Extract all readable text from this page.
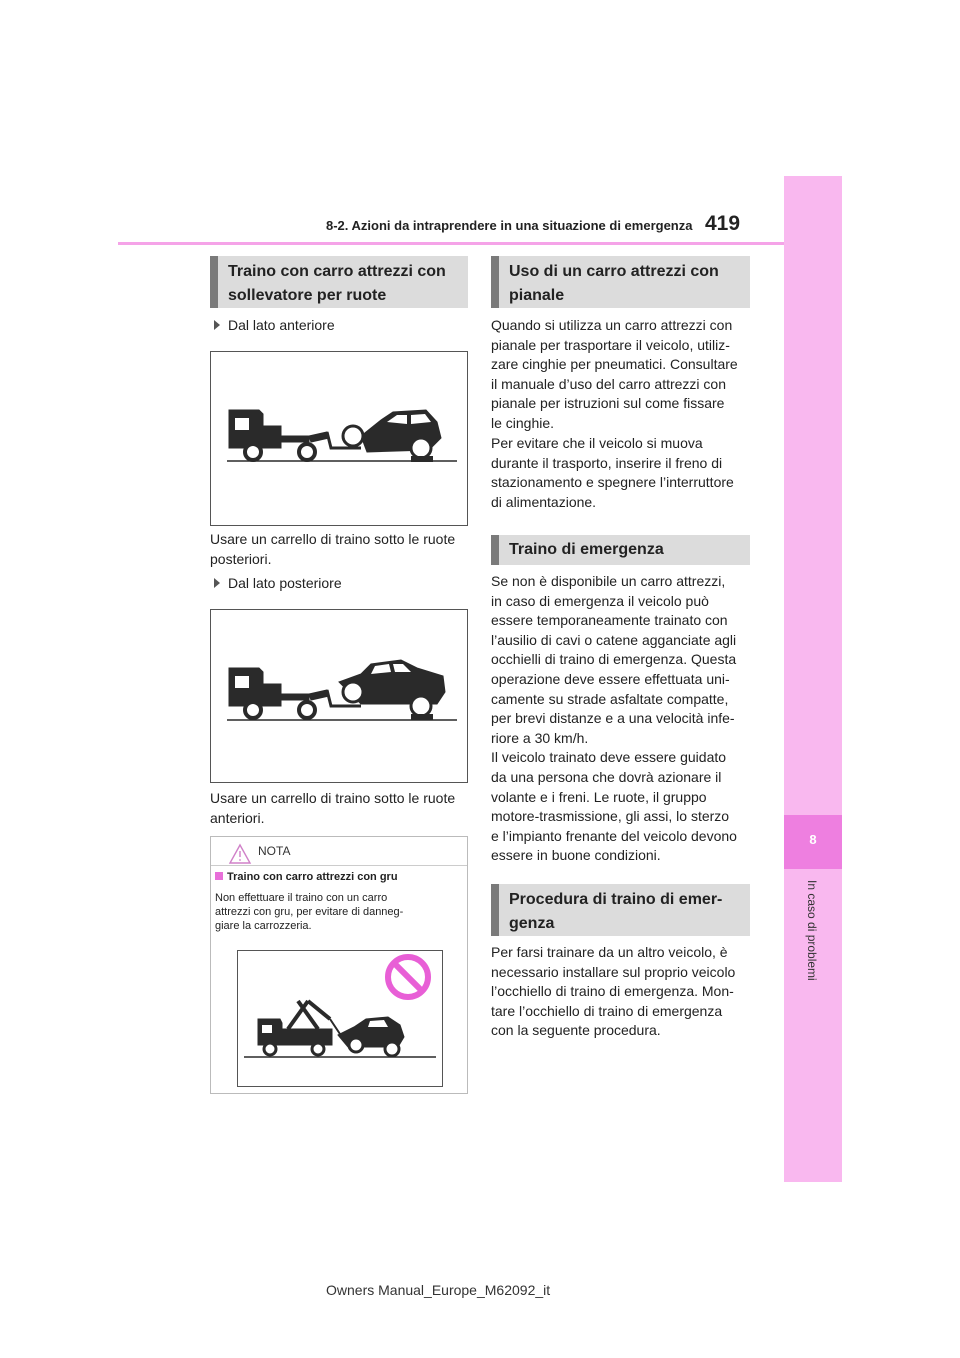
8-2. Azioni da intraprendere in una situazione di emergenza 419
8
In caso di problemi
Traino con carro attrezzi con
sollevatore per ruote
Dal lato anteriore
Usare un carrello di traino sotto le ruote
posteriori.
Dal lato posteriore
Usare un carrello di traino sotto le ruote
anteriori.
NOTA
Traino con carro attrezzi con gru
Non effettuare il traino con un carro
attrezzi con gru, per evitare di danneg-
giare la carrozzeria.
Uso di un carro attrezzi con
pianale
Quando si utilizza un carro attrezzi con
pianale per trasportare il veicolo, utiliz-
zare cinghie per pneumatici. Consultare
il manuale d’uso del carro attrezzi con
pianale per istruzioni sul come fissare
le cinghie.
Per evitare che il veicolo si muova
durante il trasporto, inserire il freno di
stazionamento e spegnere l’interruttore
di alimentazione.
Traino di emergenza
Se non è disponibile un carro attrezzi,
in caso di emergenza il veicolo può
essere temporaneamente trainato con
l’ausilio di cavi o catene agganciate agli
occhielli di traino di emergenza. Questa
operazione deve essere effettuata uni-
camente su strade asfaltate compatte,
per brevi distanze e a una velocità infe-
riore a 30 km/h.
Il veicolo trainato deve essere guidato
da una persona che dovrà azionare il
volante e i freni. Le ruote, il gruppo
motore-trasmissione, gli assi, lo sterzo
e l’impianto frenante del veicolo devono
essere in buone condizioni.
Procedura di traino di emer-
genza
Per farsi trainare da un altro veicolo, è
necessario installare sul proprio veicolo
l’occhiello di traino di emergenza. Mon-
tare l’occhiello di traino di emergenza
con la seguente procedura.
Owners Manual_Europe_M62092_it
